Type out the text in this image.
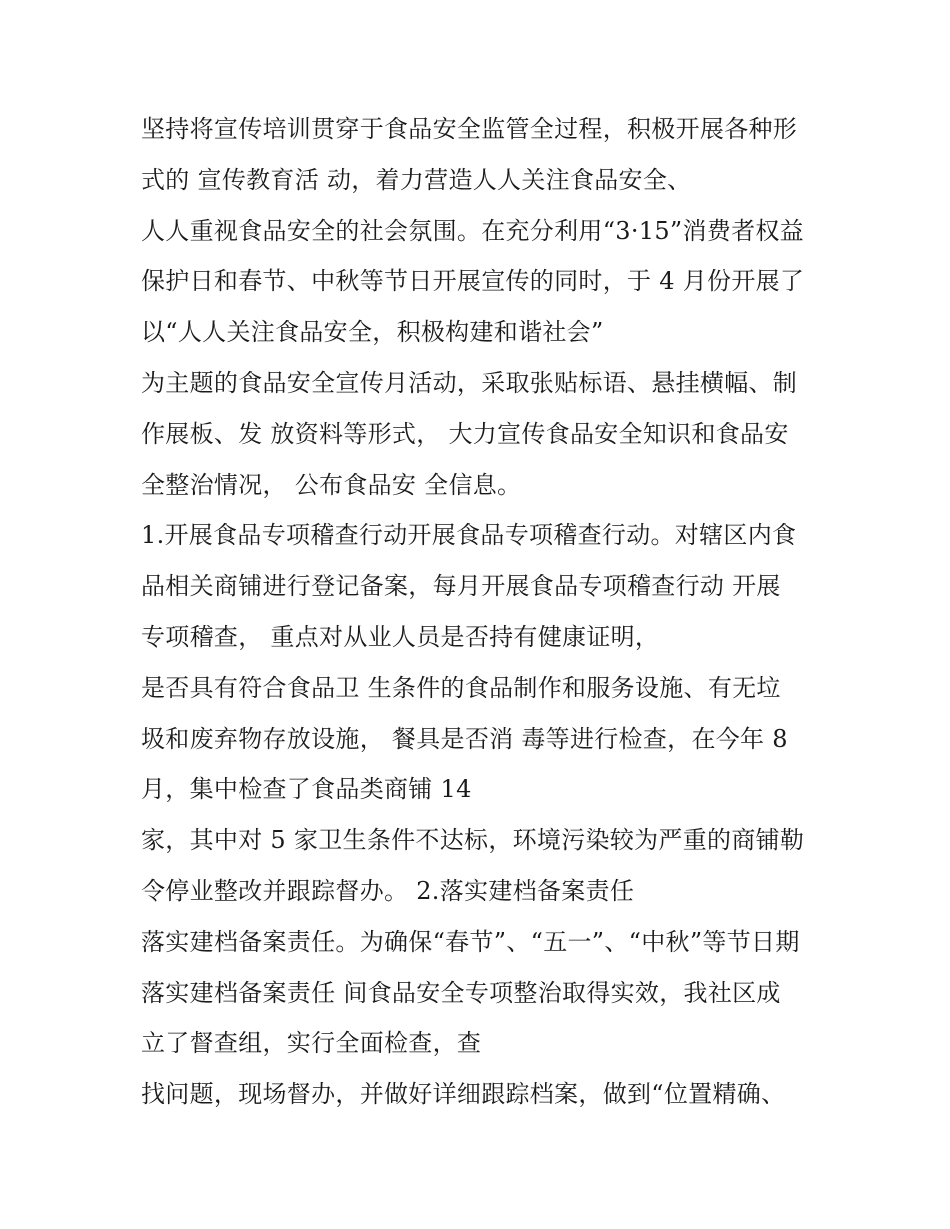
坚持将宣传培训贯穿于食品安全监管全过程，积极开展各种形
式的 宣传教育活 动，着力营造人人关注食品安全、
人人重视食品安全的社会氛围。在充分利用“3·15”消费者权益
保护日和春节、中秋等节日开展宣传的同时，于 4 月份开展了
以“人人关注食品安全，积极构建和谐社会”
为主题的食品安全宣传月活动，采取张贴标语、悬挂横幅、制
作展板、发 放资料等形式， 大力宣传食品安全知识和食品安
全整治情况， 公布食品安 全信息。
1.开展食品专项稽查行动开展食品专项稽查行动。对辖区内食
品相关商铺进行登记备案，每月开展食品专项稽查行动 开展
专项稽查， 重点对从业人员是否持有健康证明，
是否具有符合食品卫 生条件的食品制作和服务设施、有无垃
圾和废弃物存放设施， 餐具是否消 毒等进行检查，在今年 8
月，集中检查了食品类商铺 14
家，其中对 5 家卫生条件不达标，环境污染较为严重的商铺勒
令停业整改并跟踪督办。 2.落实建档备案责任
落实建档备案责任。为确保“春节”、“五一”、“中秋”等节日期
落实建档备案责任 间食品安全专项整治取得实效，我社区成
立了督查组，实行全面检查，查
找问题，现场督办，并做好详细跟踪档案，做到“位置精确、
